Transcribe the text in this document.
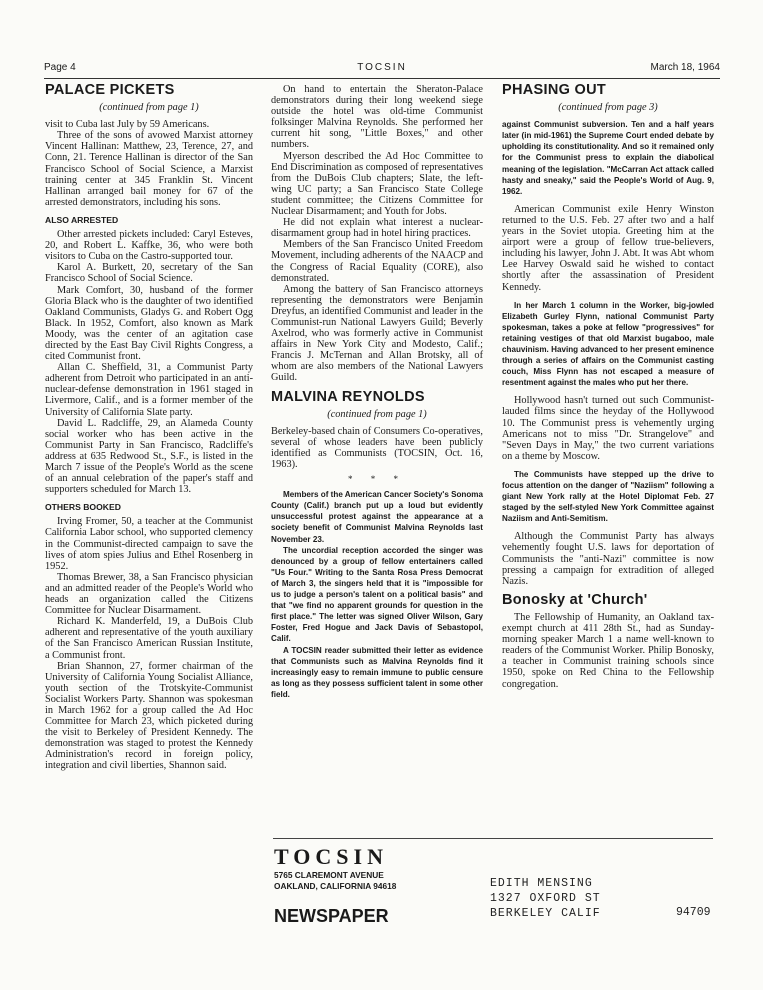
Page 4	TOCSIN	March 18, 1964
PALACE PICKETS
(continued from page 1)

visit to Cuba last July by 59 Americans.

Three of the sons of avowed Marxist attorney Vincent Hallinan: Matthew, 23, Terence, 27, and Conn, 21. Terence Hallinan is director of the San Francisco School of Social Science, a Marxist training center at 345 Franklin St. Vincent Hallinan arranged bail money for 67 of the arrested demonstrators, including his sons.

ALSO ARRESTED

Other arrested pickets included: Caryl Esteves, 20, and Robert L. Kaffke, 36, who were both visitors to Cuba on the Castro-supported tour.

Karol A. Burkett, 20, secretary of the San Francisco School of Social Science.

Mark Comfort, 30, husband of the former Gloria Black who is the daughter of two identified Oakland Communists, Gladys G. and Robert Ogg Black. In 1952, Comfort, also known as Mark Moody, was the center of an agitation case directed by the East Bay Civil Rights Congress, a cited Communist front.

Allan C. Sheffield, 31, a Communist Party adherent from Detroit who participated in an anti-nuclear-defense demonstration in 1961 staged in Livermore, Calif., and is a former member of the University of California Slate party.

David L. Radcliffe, 29, an Alameda County social worker who has been active in the Communist Party in San Francisco, Radcliffe's address at 635 Redwood St., S.F., is listed in the March 7 issue of the People's World as the scene of an annual celebration of the paper's staff and supporters scheduled for March 13.

OTHERS BOOKED

Irving Fromer, 50, a teacher at the Communist California Labor school, who supported clemency in the Communist-directed campaign to save the lives of atom spies Julius and Ethel Rosenberg in 1952.

Thomas Brewer, 38, a San Francisco physician and an admitted reader of the People's World who heads an organization called the Citizens Committee for Nuclear Disarmament.

Richard K. Manderfeld, 19, a DuBois Club adherent and representative of the youth auxiliary of the San Francisco American Russian Institute, a Communist front.

Brian Shannon, 27, former chairman of the University of California Young Socialist Alliance, youth section of the Trotskyite-Communist Socialist Workers Party. Shannon was spokesman in March 1962 for a group called the Ad Hoc Committee for March 23, which picketed during the visit to Berkeley of President Kennedy. The demonstration was staged to protest the Kennedy Administration's record in foreign policy, integration and civil liberties, Shannon said.

On hand to entertain the Sheraton-Palace demonstrators during their long weekend siege outside the hotel was old-time Communist folksinger Malvina Reynolds. She performed her current hit song, "Little Boxes," and other numbers.

Myerson described the Ad Hoc Committee to End Discrimination as composed of representatives from the DuBois Club chapters; Slate, the left-wing UC party; a San Francisco State College student committee; the Citizens Committee for Nuclear Disarmament; and Youth for Jobs.

He did not explain what interest a nuclear-disarmament group had in hotel hiring practices.

Members of the San Francisco United Freedom Movement, including adherents of the NAACP and the Congress of Racial Equality (CORE), also demonstrated.

Among the battery of San Francisco attorneys representing the demonstrators were Benjamin Dreyfus, an identified Communist and leader in the Communist-run National Lawyers Guild; Beverly Axelrod, who was formerly active in Communist affairs in New York City and Modesto, Calif.; Francis J. McTernan and Allan Brotsky, all of whom are also members of the National Lawyers Guild.

MALVINA REYNOLDS
(continued from page 1)

Berkeley-based chain of Consumers Co-operatives, several of whose leaders have been publicly identified as Communists (TOCSIN, Oct. 16, 1963).

* * *

Members of the American Cancer Society's Sonoma County (Calif.) branch put up a loud but evidently unsuccessful protest against the appearance at a society benefit of Communist Malvina Reynolds last November 23.

The uncordial reception accorded the singer was denounced by a group of fellow entertainers called "Us Four." Writing to the Santa Rosa Press Democrat of March 3, the singers held that it is "impossible for us to judge a person's talent on a political basis" and that "we find no apparent grounds for question in the first place." The letter was signed Oliver Wilson, Gary Foster, Fred Hogue and Jack Davis of Sebastopol, Calif.

A TOCSIN reader submitted their letter as evidence that Communists such as Malvina Reynolds find it increasingly easy to remain immune to public censure as long as they possess sufficient talent in some other field.

PHASING OUT
(continued from page 3)

against Communist subversion. Ten and a half years later (in mid-1961) the Supreme Court ended debate by upholding its constitutionality. And so it remained only for the Communist press to explain the diabolical meaning of the legislation. "McCarran Act attack called hasty and sneaky," said the People's World of Aug. 9, 1962.

American Communist exile Henry Winston returned to the U.S. Feb. 27 after two and a half years in the Soviet utopia. Greeting him at the airport were a group of fellow true-believers, including his lawyer, John J. Abt. It was Abt whom Lee Harvey Oswald said he wished to contact shortly after the assassination of President Kennedy.

In her March 1 column in the Worker, big-jowled Elizabeth Gurley Flynn, national Communist Party spokesman, takes a poke at fellow "progressives" for retaining vestiges of that old Marxist bugaboo, male chauvinism. Having advanced to her present eminence through a series of affairs on the Communist casting couch, Miss Flynn has not escaped a measure of resentment against the males who put her there.

Hollywood hasn't turned out such Communist-lauded films since the heyday of the Hollywood 10. The Communist press is vehemently urging Americans not to miss "Dr. Strangelove" and "Seven Days in May," the two current variations on a theme by Moscow.

The Communists have stepped up the drive to focus attention on the danger of "Naziism" following a giant New York rally at the Hotel Diplomat Feb. 27 staged by the self-styled New York Committee against Naziism and Anti-Semitism.

Although the Communist Party has always vehemently fought U.S. laws for deportation of Communists the "anti-Nazi" committee is now pressing a campaign for extradition of alleged Nazis.

Bonosky at 'Church'

The Fellowship of Humanity, an Oakland tax-exempt church at 411 28th St., had as Sunday-morning speaker March 1 a name well-known to readers of the Communist Worker. Philip Bonosky, a teacher in Communist training schools since 1950, spoke on Red China to the Fellowship congregation.

TOCSIN
5765 CLAREMONT AVENUE
OAKLAND, CALIFORNIA 94618
NEWSPAPER
EDITH MENSING
1327 OXFORD ST
BERKELEY CALIF	94709
